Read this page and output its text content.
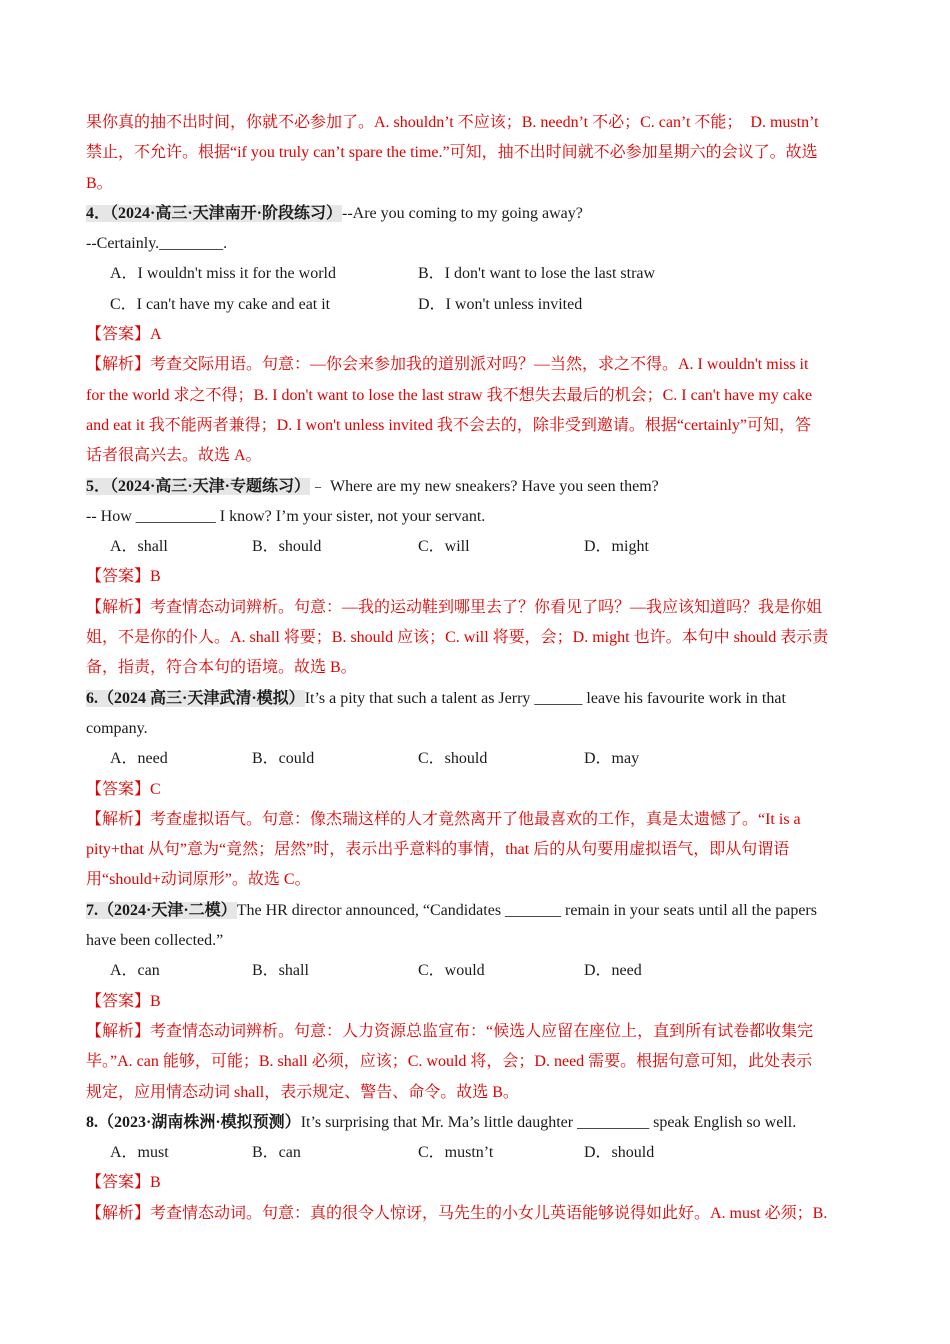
果你真的抽不出时间，你就不必参加了。A. shouldn’t 不应该；B. needn’t 不必；C. can’t 不能；　D. mustn’t
禁止，不允许。根据“if you truly can’t spare the time.”可知，抽不出时间就不必参加星期六的会议了。故选
B。
4．（2024·高三·天津南开·阶段练习）--Are you coming to my going away?
--Certainly.________.
A．I wouldn't miss it for the world	B．I don't want to lose the last straw
C．I can't have my cake and eat it	D．I won't unless invited
【答案】A
【解析】考查交际用语。句意：—你会来参加我的道别派对吗？—当然，求之不得。A. I wouldn't miss it
for the world 求之不得；B. I don't want to lose the last straw 我不想失去最后的机会；C. I can't have my cake
and eat it 我不能两者兼得；D. I won't unless invited 我不会去的，除非受到邀请。根据“certainly”可知，答
话者很高兴去。故选 A。
5．（2024·高三·天津·专题练习）﹣ Where are my new sneakers? Have you seen them?
-- How __________ I know? I’m your sister, not your servant.
A．shall	B．should	C．will	D．might
【答案】B
【解析】考查情态动词辨析。句意：—我的运动鞋到哪里去了？你看见了吗？—我应该知道吗？我是你姐
姐，不是你的仆人。A. shall 将要；B. should 应该；C. will 将要，会；D. might 也许。本句中 should 表示责
备，指责，符合本句的语境。故选 B。
6.（2024 高三·天津武清·模拟）It’s a pity that such a talent as Jerry ______ leave his favourite work in that
company.
A．need	B．could	C．should	D．may
【答案】C
【解析】考查虚拟语气。句意：像杰瑞这样的人才竟然离开了他最喜欢的工作，真是太遗憾了。“It is a
pity+that 从句”意为“竟然；居然”时，表示出乎意料的事情，that 后的从句要用虚拟语气，即从句谓语
用“should+动词原形”。故选 C。
7.（2024·天津·二模）The HR director announced, “Candidates _______ remain in your seats until all the papers
have been collected.”
A．can	B．shall	C．would	D．need
【答案】B
【解析】考查情态动词辨析。句意：人力资源总监宣布：“候选人应留在座位上，直到所有试卷都收集完
毕。”A. can 能够，可能；B. shall 必须，应该；C. would 将，会；D. need 需要。根据句意可知，此处表示
规定，应用情态动词 shall，表示规定、警告、命令。故选 B。
8.（2023·湖南株洲·模拟预测）It’s surprising that Mr. Ma’s little daughter _________ speak English so well.
A．must	B．can	C．mustn’t	D．should
【答案】B
【解析】考查情态动词。句意：真的很令人惊讶，马先生的小女儿英语能够说得如此好。A. must 必须；B.
